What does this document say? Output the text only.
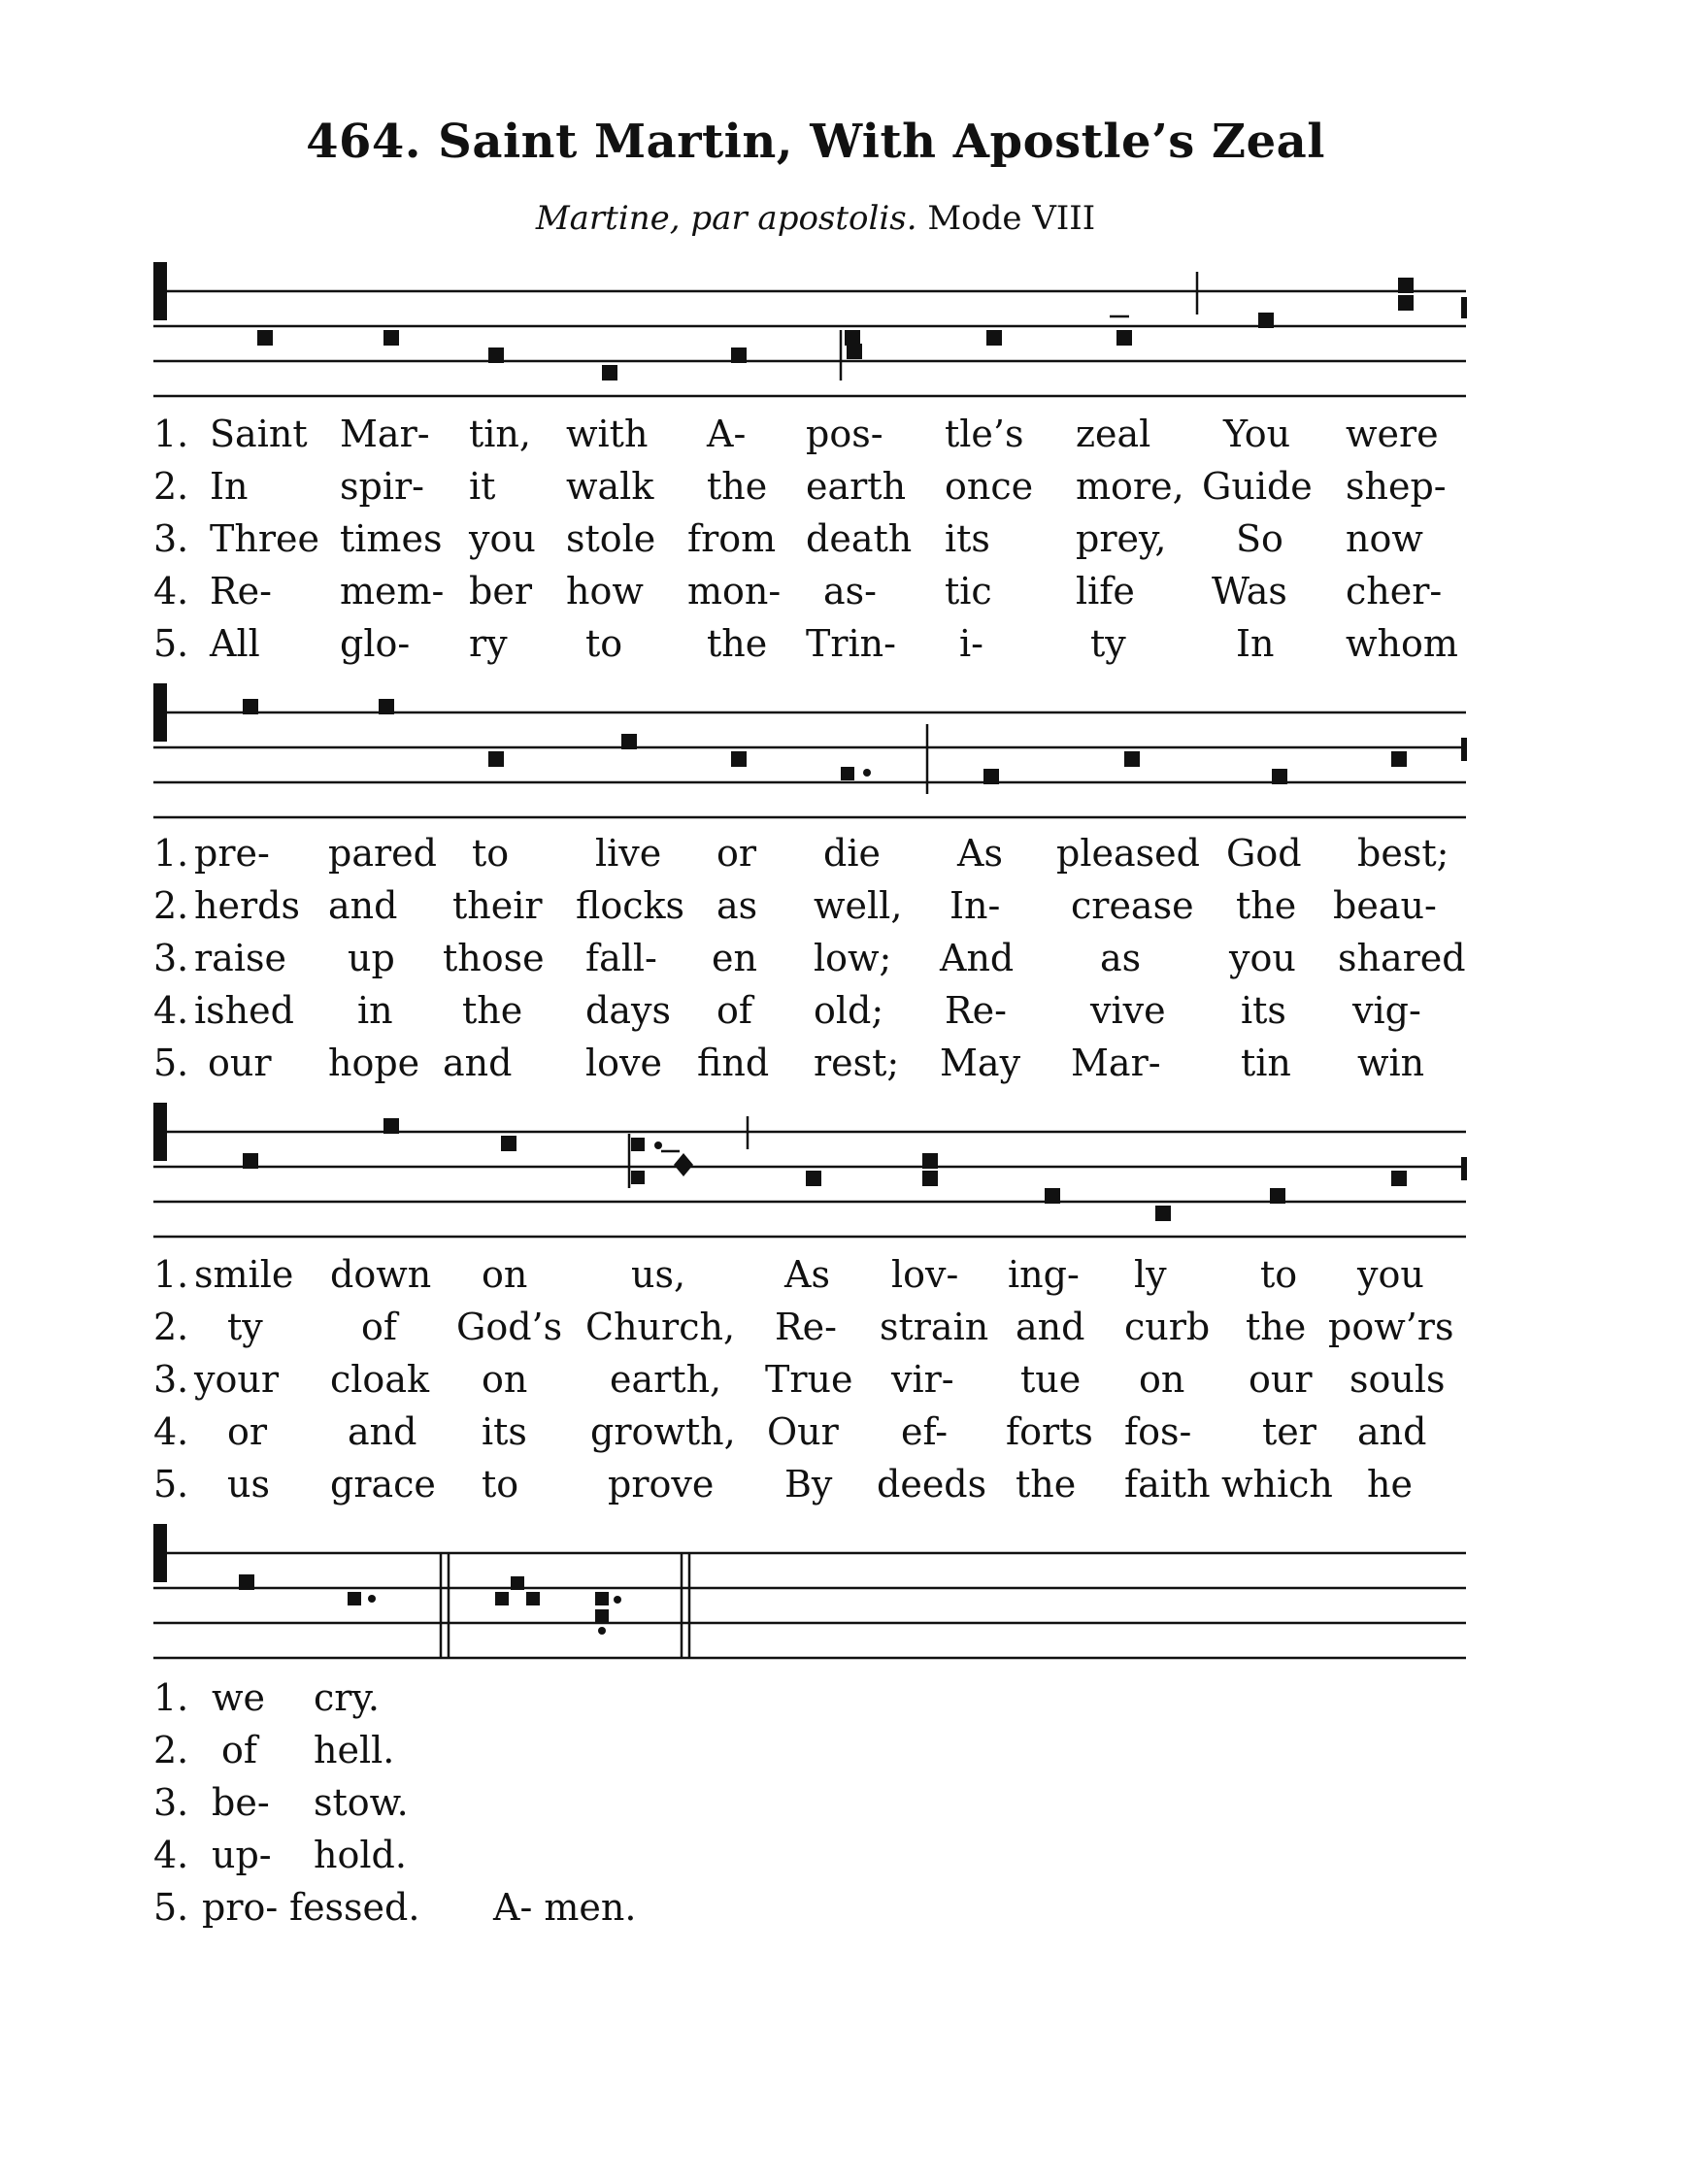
464. Saint Martin, With Apostle’s Zeal
Martine, par apostolis. Mode VIII
1. Saint Mar- tin, with A- pos- tle’s zeal You were
2. In spir- it walk the earth once more, Guide shep-
3. Three times you stole from death its prey, So now
4. Re- mem- ber how mon- as- tic life Was cher-
5. All glo- ry to the Trin- i-	ty	In whom
1. pre- pared to live or die As pleased God best;
2. herds and their flocks as well, In- crease the beau-
3. raise up those fall- en low; And as you shared
4. ished in the days of old; Re- vive its vig-
5. our hope and love find rest; May Mar- tin win
1. smile down on	us,	As lov- ing- ly	to you
2. ty	of God’s Church, Re- strain and curb the pow’rs
3. your cloak on earth, True vir- tue on our souls
4. or and its growth, Our ef- forts fos- ter and
5. us grace to prove By deeds the faith which he
1. we cry.
2. of hell.
3. be- stow.
4. up- hold.
5. pro- fessed. A- men.
